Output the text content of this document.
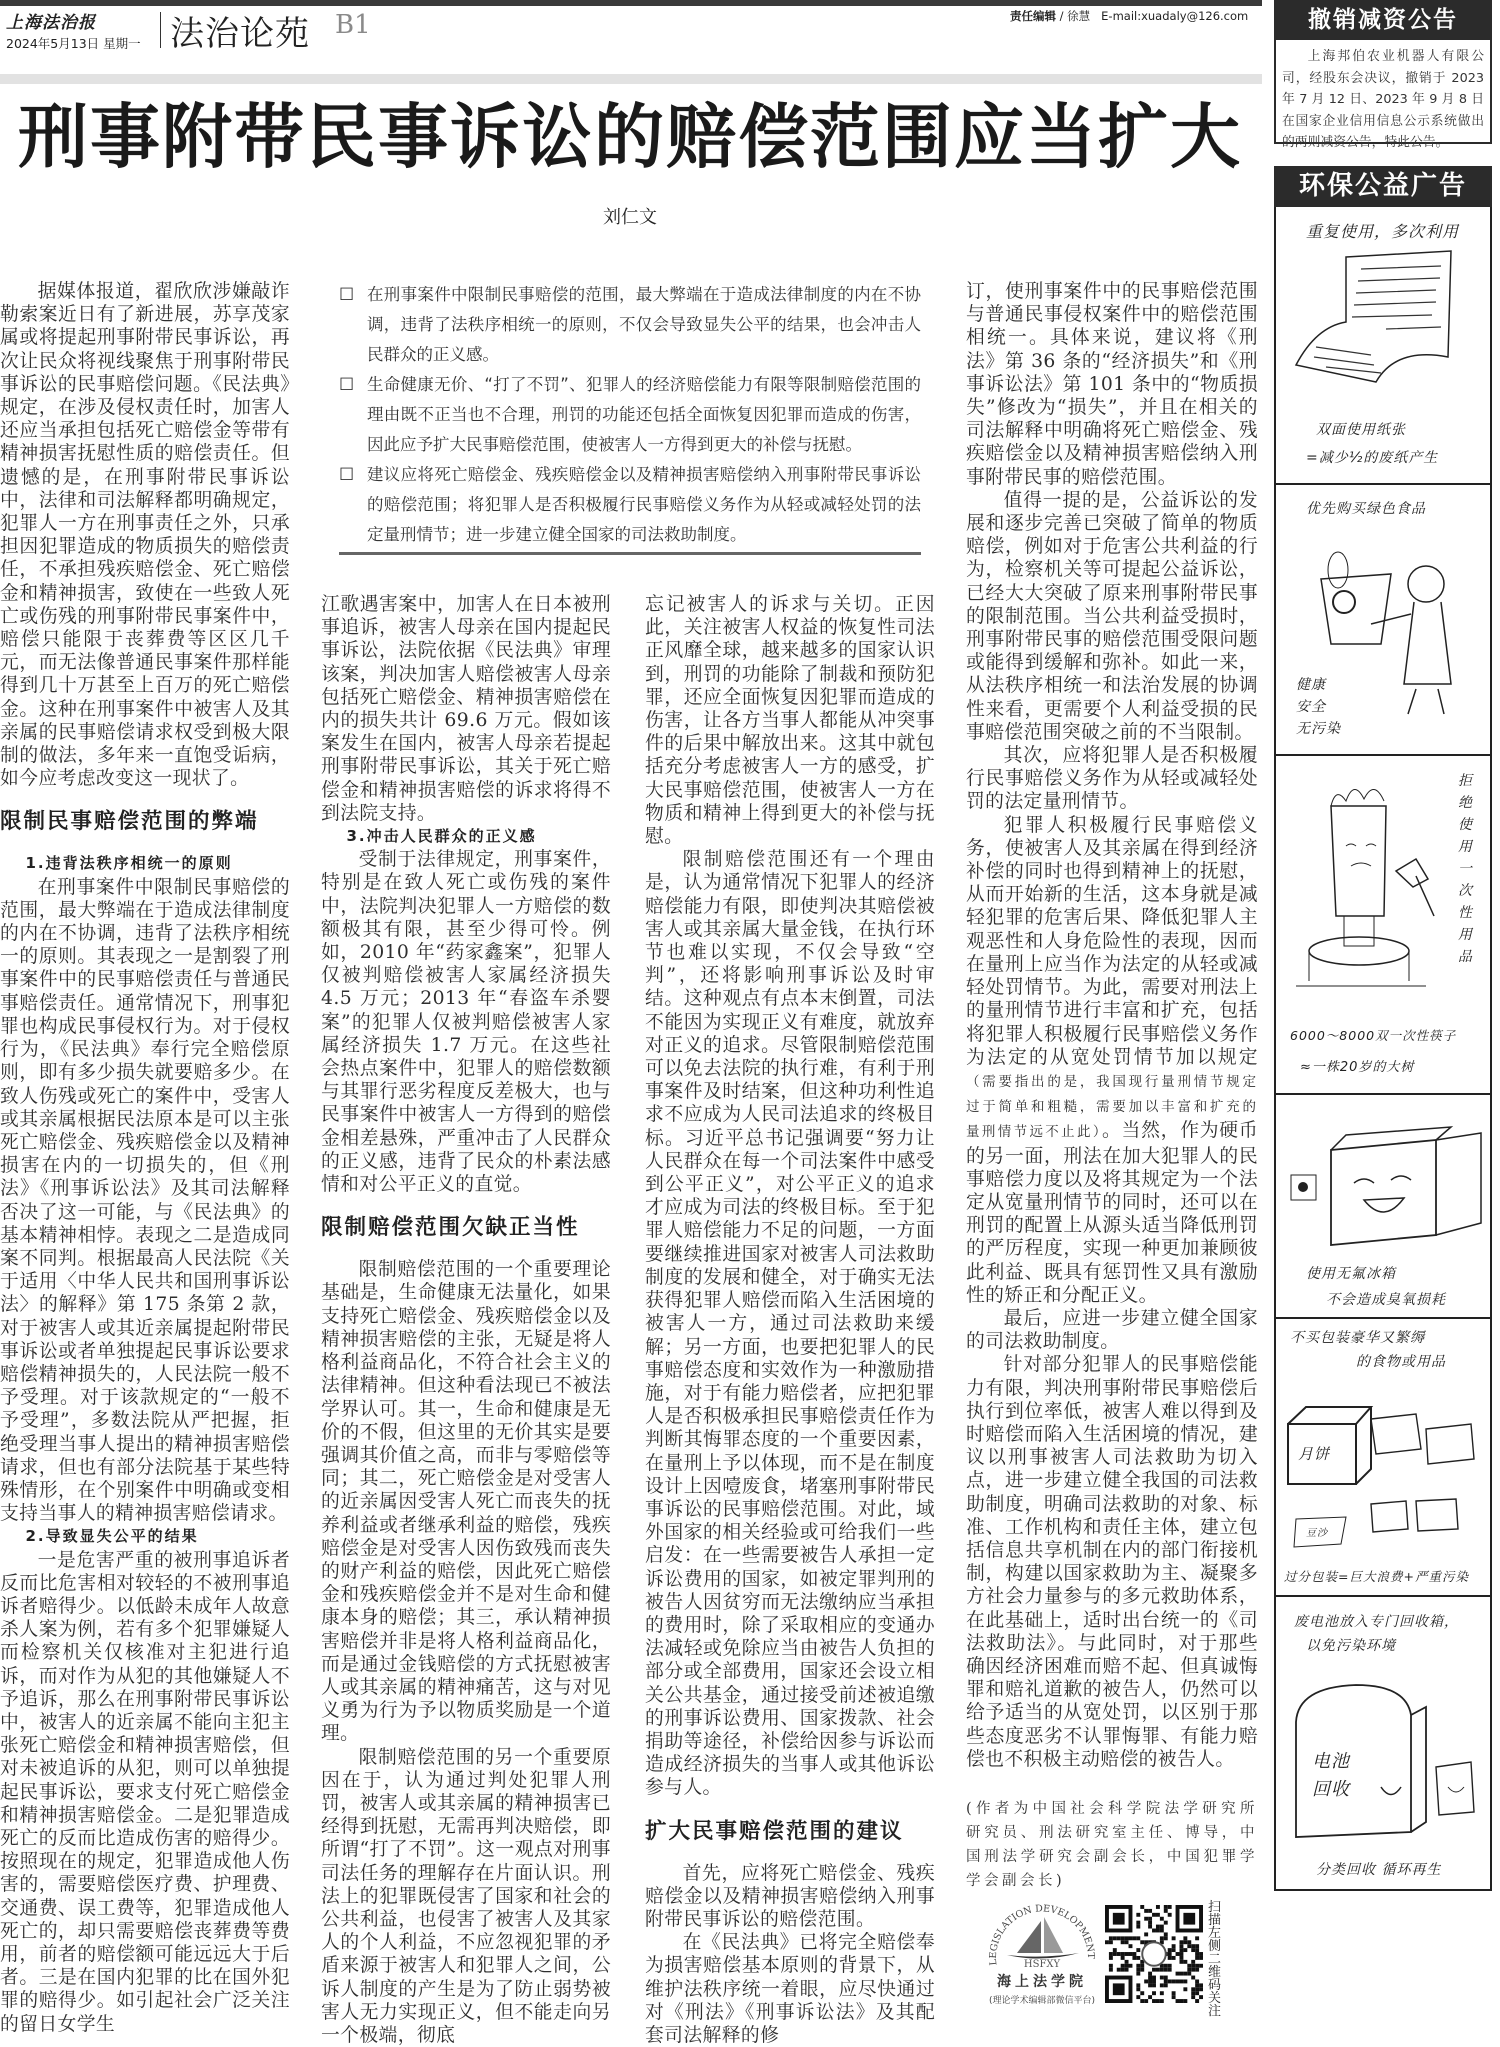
上海法治报
2024年5月13日 星期一 法治论苑 B1	责任编辑 / 徐慧 E-mail:xuadaly@126.com
刑事附带民事诉讼的赔偿范围应当扩大
刘仁文

据媒体报道，翟欣欣涉嫌敲诈勒索案近日有了新进展，苏享茂家属或将提起刑事附带民事诉讼，再次让民众将视线聚焦于刑事附带民事诉讼的民事赔偿问题。《民法典》规定，在涉及侵权责任时，加害人还应当承担包括死亡赔偿金等带有精神损害抚慰性质的赔偿责任。但遗憾的是，在刑事附带民事诉讼中，法律和司法解释都明确规定，犯罪人一方在刑事责任之外，只承担因犯罪造成的物质损失的赔偿责任，不承担残疾赔偿金、死亡赔偿金和精神损害，致使在一些致人死亡或伤残的刑事附带民事案件中，赔偿只能限于丧葬费等区区几千元，而无法像普通民事案件那样能得到几十万甚至上百万的死亡赔偿金。这种在刑事案件中被害人及其亲属的民事赔偿请求权受到极大限制的做法，多年来一直饱受诟病，如今应考虑改变这一现状了。

限制民事赔偿范围的弊端
1.违背法秩序相统一的原则

在刑事案件中限制民事赔偿的范围，最大弊端在于造成法律制度的内在不协调，违背了法秩序相统一的原则。其表现之一是割裂了刑事案件中的民事赔偿责任与普通民事赔偿责任。通常情况下，刑事犯罪也构成民事侵权行为。对于侵权行为，《民法典》奉行完全赔偿原则，即有多少损失就要赔多少。在致人伤残或死亡的案件中，受害人或其亲属根据民法原本是可以主张死亡赔偿金、残疾赔偿金以及精神损害在内的一切损失的，但《刑法》《刑事诉讼法》及其司法解释否决了这一可能，与《民法典》的基本精神相悖。表现之二是造成同案不同判。根据最高人民法院《关于适用〈中华人民共和国刑事诉讼法〉的解释》第 175 条第 2 款，对于被害人或其近亲属提起附带民事诉讼或者单独提起民事诉讼要求赔偿精神损失的，人民法院一般不予受理。对于该款规定的“一般不予受理”，多数法院从严把握，拒绝受理当事人提出的精神损害赔偿请求，但也有部分法院基于某些特殊情形，在个别案件中明确或变相支持当事人的精神损害赔偿请求。

2.导致显失公平的结果

一是危害严重的被刑事追诉者反而比危害相对较轻的不被刑事追诉者赔得少。以低龄未成年人故意杀人案为例，若有多个犯罪嫌疑人而检察机关仅核准对主犯进行追诉，而对作为从犯的其他嫌疑人不予追诉，那么在刑事附带民事诉讼中，被害人的近亲属不能向主犯主张死亡赔偿金和精神损害赔偿，但对未被追诉的从犯，则可以单独提起民事诉讼，要求支付死亡赔偿金和精神损害赔偿金。二是犯罪造成死亡的反而比造成伤害的赔得少。按照现在的规定，犯罪造成他人伤害的，需要赔偿医疗费、护理费、交通费、误工费等，犯罪造成他人死亡的，却只需要赔偿丧葬费等费用，前者的赔偿额可能远远大于后者。三是在国内犯罪的比在国外犯罪的赔得少。如引起社会广泛关注的留日女学生

☐ 在刑事案件中限制民事赔偿的范围，最大弊端在于造成法律制度的内在不协调，违背了法秩序相统一的原则，不仅会导致显失公平的结果，也会冲击人民群众的正义感。
☐ 生命健康无价、“打了不罚”、犯罪人的经济赔偿能力有限等限制赔偿范围的理由既不正当也不合理，刑罚的功能还包括全面恢复因犯罪而造成的伤害，因此应予扩大民事赔偿范围，使被害人一方得到更大的补偿与抚慰。
☐ 建议应将死亡赔偿金、残疾赔偿金以及精神损害赔偿纳入刑事附带民事诉讼的赔偿范围；将犯罪人是否积极履行民事赔偿义务作为从轻或减轻处罚的法定量刑情节；进一步建立健全国家的司法救助制度。

江歌遇害案中，加害人在日本被刑事追诉，被害人母亲在国内提起民事诉讼，法院依据《民法典》审理该案，判决加害人赔偿被害人母亲包括死亡赔偿金、精神损害赔偿在内的损失共计 69.6 万元。假如该案发生在国内，被害人母亲若提起刑事附带民事诉讼，其关于死亡赔偿金和精神损害赔偿的诉求将得不到法院支持。

3.冲击人民群众的正义感

受制于法律规定，刑事案件，特别是在致人死亡或伤残的案件中，法院判决犯罪人一方赔偿的数额极其有限，甚至少得可怜。例如，2010 年“药家鑫案”，犯罪人仅被判赔偿被害人家属经济损失 4.5 万元；2013 年“春盗车杀婴案”的犯罪人仅被判赔偿被害人家属经济损失 1.7 万元。在这些社会热点案件中，犯罪人的赔偿数额与其罪行恶劣程度反差极大，也与民事案件中被害人一方得到的赔偿金相差悬殊，严重冲击了人民群众的正义感，违背了民众的朴素法感情和对公平正义的直觉。

限制赔偿范围欠缺正当性

限制赔偿范围的一个重要理论基础是，生命健康无法量化，如果支持死亡赔偿金、残疾赔偿金以及精神损害赔偿的主张，无疑是将人格利益商品化，不符合社会主义的法律精神。但这种看法现已不被法学界认可。其一，生命和健康是无价的不假，但这里的无价其实是要强调其价值之高，而非与零赔偿等同；其二，死亡赔偿金是对受害人的近亲属因受害人死亡而丧失的抚养利益或者继承利益的赔偿，残疾赔偿金是对受害人因伤致残而丧失的财产利益的赔偿，因此死亡赔偿金和残疾赔偿金并不是对生命和健康本身的赔偿；其三，承认精神损害赔偿并非是将人格利益商品化，而是通过金钱赔偿的方式抚慰被害人或其亲属的精神痛苦，这与对见义勇为行为予以物质奖励是一个道理。

限制赔偿范围的另一个重要原因在于，认为通过判处犯罪人刑罚，被害人或其亲属的精神损害已经得到抚慰，无需再判决赔偿，即所谓“打了不罚”。这一观点对刑事司法任务的理解存在片面认识。刑法上的犯罪既侵害了国家和社会的公共利益，也侵害了被害人及其家人的个人利益，不应忽视犯罪的矛盾来源于被害人和犯罪人之间，公诉人制度的产生是为了防止弱势被害人无力实现正义，但不能走向另一个极端，彻底

忘记被害人的诉求与关切。正因此，关注被害人权益的恢复性司法正风靡全球，越来越多的国家认识到，刑罚的功能除了制裁和预防犯罪，还应全面恢复因犯罪而造成的伤害，让各方当事人都能从冲突事件的后果中解放出来。这其中就包括充分考虑被害人一方的感受，扩大民事赔偿范围，使被害人一方在物质和精神上得到更大的补偿与抚慰。

限制赔偿范围还有一个理由是，认为通常情况下犯罪人的经济赔偿能力有限，即使判决其赔偿被害人或其亲属大量金钱，在执行环节也难以实现，不仅会导致“空判”，还将影响刑事诉讼及时审结。这种观点有点本末倒置，司法不能因为实现正义有难度，就放弃对正义的追求。尽管限制赔偿范围可以免去法院的执行难，有利于刑事案件及时结案，但这种功利性追求不应成为人民司法追求的终极目标。习近平总书记强调要“努力让人民群众在每一个司法案件中感受到公平正义”，对公平正义的追求才应成为司法的终极目标。至于犯罪人赔偿能力不足的问题，一方面要继续推进国家对被害人司法救助制度的发展和健全，对于确实无法获得犯罪人赔偿而陷入生活困境的被害人一方，通过司法救助来缓解；另一方面，也要把犯罪人的民事赔偿态度和实效作为一种激励措施，对于有能力赔偿者，应把犯罪人是否积极承担民事赔偿责任作为判断其悔罪态度的一个重要因素，在量刑上予以体现，而不是在制度设计上因噎废食，堵塞刑事附带民事诉讼的民事赔偿范围。对此，域外国家的相关经验或可给我们一些启发：在一些需要被告人承担一定诉讼费用的国家，如被定罪判刑的被告人因贫穷而无法缴纳应当承担的费用时，除了采取相应的变通办法减轻或免除应当由被告人负担的部分或全部费用，国家还会设立相关公共基金，通过接受前述被追缴的刑事诉讼费用、国家拨款、社会捐助等途径，补偿给因参与诉讼而造成经济损失的当事人或其他诉讼参与人。

扩大民事赔偿范围的建议

首先，应将死亡赔偿金、残疾赔偿金以及精神损害赔偿纳入刑事附带民事诉讼的赔偿范围。

在《民法典》已将完全赔偿奉为损害赔偿基本原则的背景下，从维护法秩序统一着眼，应尽快通过对《刑法》《刑事诉讼法》及其配套司法解释的修

订，使刑事案件中的民事赔偿范围与普通民事侵权案件中的赔偿范围相统一。具体来说，建议将《刑法》第 36 条的“经济损失”和《刑事诉讼法》第 101 条中的“物质损失”修改为“损失”，并且在相关的司法解释中明确将死亡赔偿金、残疾赔偿金以及精神损害赔偿纳入刑事附带民事的赔偿范围。

值得一提的是，公益诉讼的发展和逐步完善已突破了简单的物质赔偿，例如对于危害公共利益的行为，检察机关等可提起公益诉讼，已经大大突破了原来刑事附带民事的限制范围。当公共利益受损时，刑事附带民事的赔偿范围受限问题或能得到缓解和弥补。如此一来，从法秩序相统一和法治发展的协调性来看，更需要个人利益受损的民事赔偿范围突破之前的不当限制。

其次，应将犯罪人是否积极履行民事赔偿义务作为从轻或减轻处罚的法定量刑情节。

犯罪人积极履行民事赔偿义务，使被害人及其亲属在得到经济补偿的同时也得到精神上的抚慰，从而开始新的生活，这本身就是减轻犯罪的危害后果、降低犯罪人主观恶性和人身危险性的表现，因而在量刑上应当作为法定的从轻或减轻处罚情节。为此，需要对刑法上的量刑情节进行丰富和扩充，包括将犯罪人积极履行民事赔偿义务作为法定的从宽处罚情节加以规定（需要指出的是，我国现行量刑情节规定过于简单和粗糙，需要加以丰富和扩充的量刑情节远不止此）。当然，作为硬币的另一面，刑法在加大犯罪人的民事赔偿力度以及将其规定为一个法定从宽量刑情节的同时，还可以在刑罚的配置上从源头适当降低刑罚的严厉程度，实现一种更加兼顾彼此利益、既具有惩罚性又具有激励性的矫正和分配正义。

最后，应进一步建立健全国家的司法救助制度。

针对部分犯罪人的民事赔偿能力有限，判决刑事附带民事赔偿后执行到位率低，被害人难以得到及时赔偿而陷入生活困境的情况，建议以刑事被害人司法救助为切入点，进一步建立健全我国的司法救助制度，明确司法救助的对象、标准、工作机构和责任主体，建立包括信息共享机制在内的部门衔接机制，构建以国家救助为主、凝聚多方社会力量参与的多元救助体系，在此基础上，适时出台统一的《司法救助法》。与此同时，对于那些确因经济困难而赔不起、但真诚悔罪和赔礼道歉的被告人，仍然可以给予适当的从宽处罚，以区别于那些态度恶劣不认罪悔罪、有能力赔偿也不积极主动赔偿的被告人。

(作者为中国社会科学院法学研究所研究员、刑法研究室主任、博导，中国刑法学研究会副会长，中国犯罪学学会副会长)

LEGISLATION DEVELOPMENT
HSFXY
海上法学院
(理论学术编辑部微信平台)
扫描左侧二维码关注
撤销减资公告
上海邦伯农业机器人有限公司，经股东会决议，撤销于 2023 年 7 月 12 日、2023 年 9 月 8 日在国家企业信用信息公示系统做出的两则减资公告，特此公告。
环保公益广告
重复使用，多次利用
双面使用纸张
=减少½的废纸产生
优先购买绿色食品
健康
安全
无污染
拒绝使用一次性用品
6000～8000双一次性筷子
≈一株20岁的大树
使用无氟冰箱
不会造成臭氧损耗
不买包装豪华又繁缛
的食物或用品
月饼
豆沙
过分包装=巨大浪费+严重污染
废电池放入专门回收箱，
以免污染环境
电池
回收
分类回收 循环再生
